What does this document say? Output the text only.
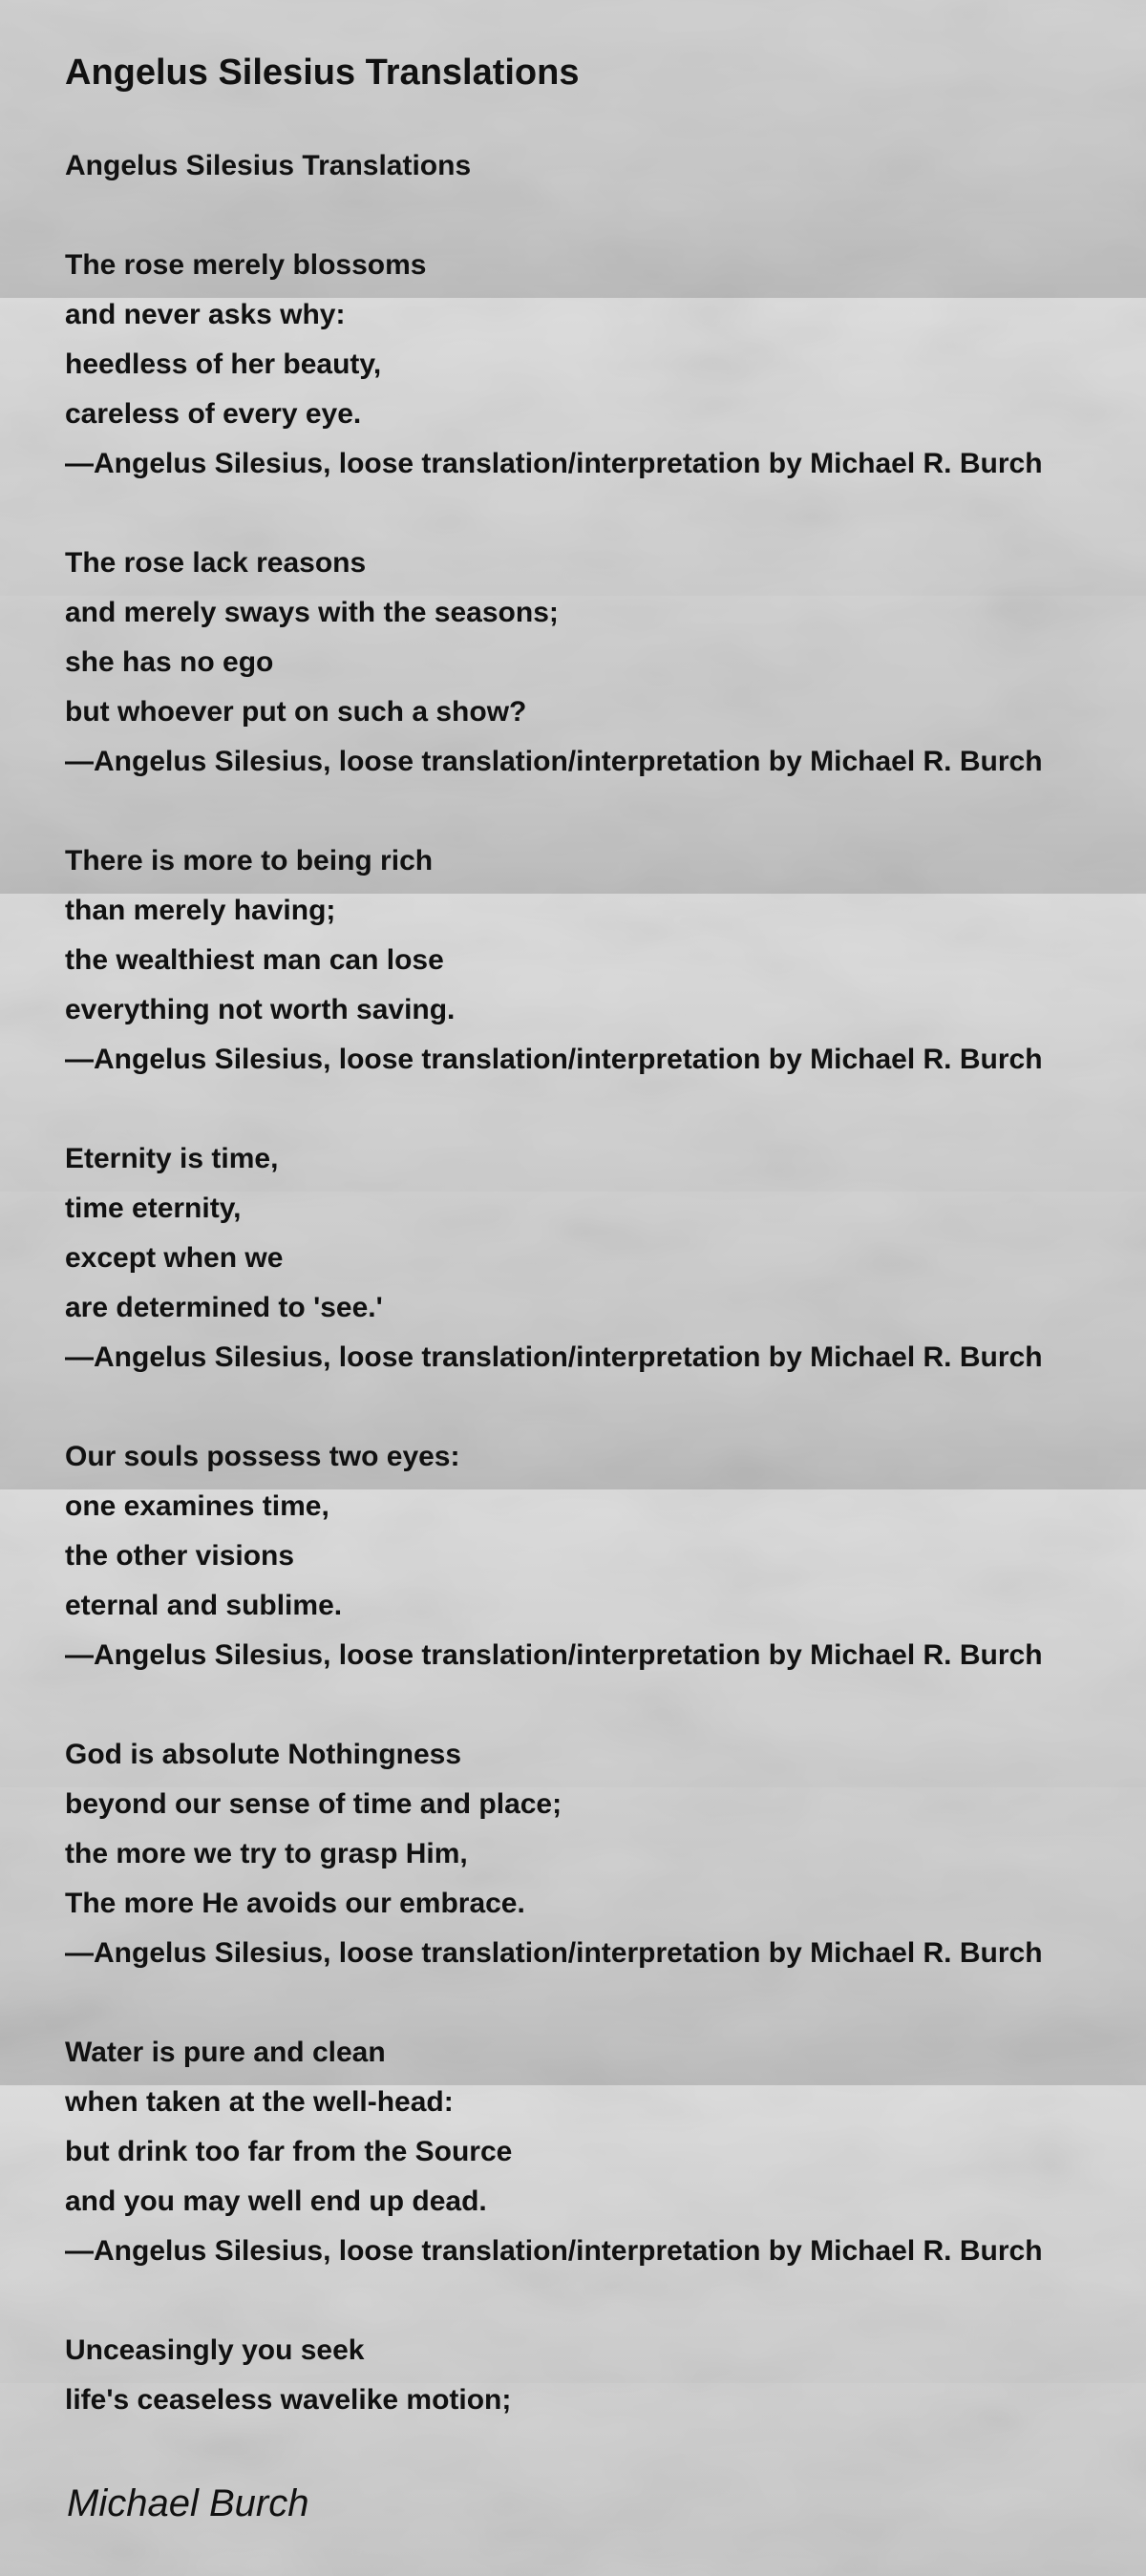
Angelus Silesius Translations
Angelus Silesius Translations
The rose merely blossoms
and never asks why:
heedless of her beauty,
careless of every eye.
—Angelus Silesius, loose translation/interpretation by Michael R. Burch
The rose lack reasons
and merely sways with the seasons;
she has no ego
but whoever put on such a show?
—Angelus Silesius, loose translation/interpretation by Michael R. Burch
There is more to being rich
than merely having;
the wealthiest man can lose
everything not worth saving.
—Angelus Silesius, loose translation/interpretation by Michael R. Burch
Eternity is time,
time eternity,
except when we
are determined to 'see.'
—Angelus Silesius, loose translation/interpretation by Michael R. Burch
Our souls possess two eyes:
one examines time,
the other visions
eternal and sublime.
—Angelus Silesius, loose translation/interpretation by Michael R. Burch
God is absolute Nothingness
beyond our sense of time and place;
the more we try to grasp Him,
The more He avoids our embrace.
—Angelus Silesius, loose translation/interpretation by Michael R. Burch
Water is pure and clean
when taken at the well-head:
but drink too far from the Source
and you may well end up dead.
—Angelus Silesius, loose translation/interpretation by Michael R. Burch
Unceasingly you seek
life's ceaseless wavelike motion;
Michael Burch
